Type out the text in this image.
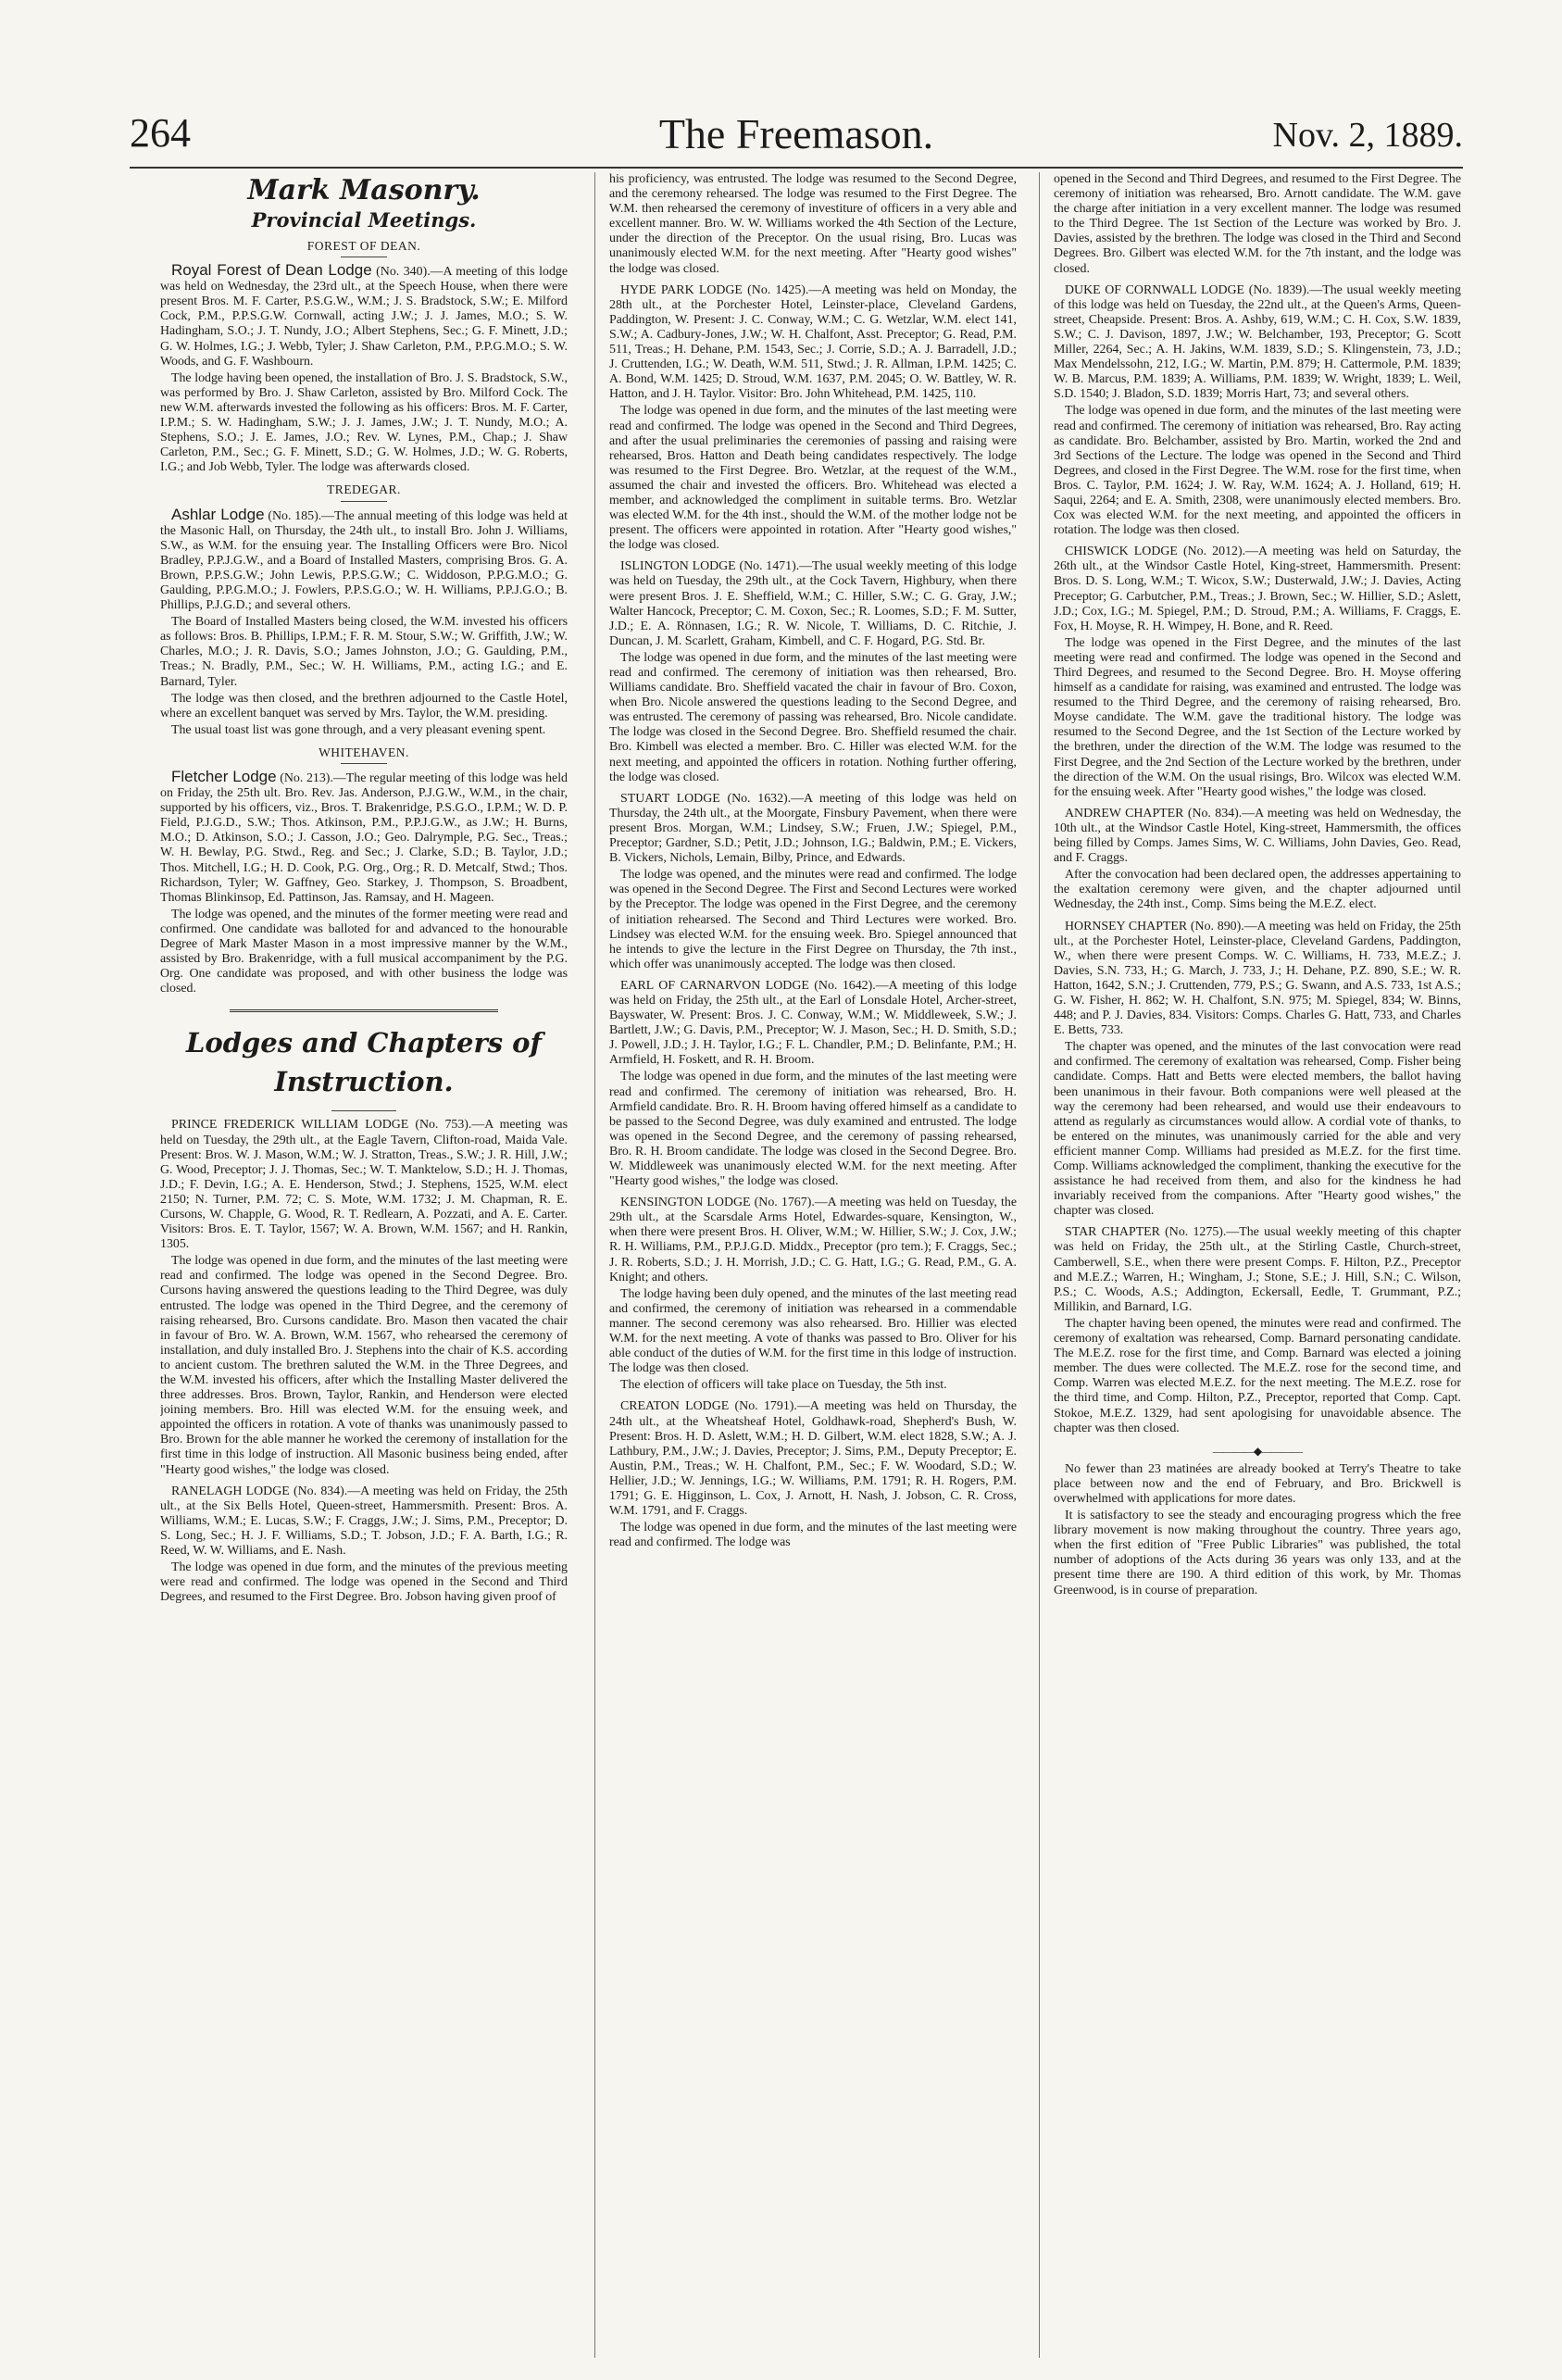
264	The Freemason.	Nov. 2, 1889.
Mark Masonry.
Provincial Meetings.
FOREST OF DEAN.

Royal Forest of Dean Lodge (No. 340).—A meeting of this lodge was held on Wednesday, the 23rd ult., at the Speech House, when there were present Bros. M. F. Carter, P.S.G.W., W.M.; J. S. Bradstock, S.W.; E. Milford Cock, P.M., P.P.S.G.W. Cornwall, acting J.W.; J. J. James, M.O.; S. W. Hadingham, S.O.; J. T. Nundy, J.O.; Albert Stephens, Sec.; G. F. Minett, J.D.; G. W. Holmes, I.G.; J. Webb, Tyler; J. Shaw Carleton, P.M., P.P.G.M.O.; S. W. Woods, and G. F. Washbourn.

The lodge having been opened, the installation of Bro. J. S. Bradstock, S.W., was performed by Bro. J. Shaw Carleton, assisted by Bro. Milford Cock. The new W.M. afterwards invested the following as his officers: Bros. M. F. Carter, I.P.M.; S. W. Hadingham, S.W.; J. J. James, J.W.; J. T. Nundy, M.O.; A. Stephens, S.O.; J. E. James, J.O.; Rev. W. Lynes, P.M., Chap.; J. Shaw Carleton, P.M., Sec.; G. F. Minett, S.D.; G. W. Holmes, J.D.; W. G. Roberts, I.G.; and Job Webb, Tyler. The lodge was afterwards closed.

TREDEGAR.

Ashlar Lodge (No. 185).—The annual meeting of this lodge was held at the Masonic Hall, on Thursday, the 24th ult., to install Bro. John J. Williams, S.W., as W.M. for the ensuing year. The Installing Officers were Bro. Nicol Bradley, P.P.J.G.W., and a Board of Installed Masters, comprising Bros. G. A. Brown, P.P.S.G.W.; John Lewis, P.P.S.G.W.; C. Widdoson, P.P.G.M.O.; G. Gaulding, P.P.G.M.O.; J. Fowlers, P.P.S.G.O.; W. H. Williams, P.P.J.G.O.; B. Phillips, P.J.G.D.; and several others.

The Board of Installed Masters being closed, the W.M. invested his officers as follows: Bros. B. Phillips, I.P.M.; F. R. M. Stour, S.W.; W. Griffith, J.W.; W. Charles, M.O.; J. R. Davis, S.O.; James Johnston, J.O.; G. Gaulding, P.M., Treas.; N. Bradly, P.M., Sec.; W. H. Williams, P.M., acting I.G.; and E. Barnard, Tyler.

The lodge was then closed, and the brethren adjourned to the Castle Hotel, where an excellent banquet was served by Mrs. Taylor, the W.M. presiding.

The usual toast list was gone through, and a very pleasant evening spent.

WHITEHAVEN.

Fletcher Lodge (No. 213).—The regular meeting of this lodge was held on Friday, the 25th ult. Bro. Rev. Jas. Anderson, P.J.G.W., W.M., in the chair, supported by his officers, viz., Bros. T. Brakenridge, P.S.G.O., I.P.M.; W. D. P. Field, P.J.G.D., S.W.; Thos. Atkinson, P.M., P.P.J.G.W., as J.W.; H. Burns, M.O.; D. Atkinson, S.O.; J. Casson, J.O.; Geo. Dalrymple, P.G. Sec., Treas.; W. H. Bewlay, P.G. Stwd., Reg. and Sec.; J. Clarke, S.D.; B. Taylor, J.D.; Thos. Mitchell, I.G.; H. D. Cook, P.G. Org., Org.; R. D. Metcalf, Stwd.; Thos. Richardson, Tyler; W. Gaffney, Geo. Starkey, J. Thompson, S. Broadbent, Thomas Blinkinsop, Ed. Pattinson, Jas. Ramsay, and H. Mageen.

The lodge was opened, and the minutes of the former meeting were read and confirmed. One candidate was balloted for and advanced to the honourable Degree of Mark Master Mason in a most impressive manner by the W.M., assisted by Bro. Brakenridge, with a full musical accompaniment by the P.G. Org. One candidate was proposed, and with other business the lodge was closed.

Lodges and Chapters of Instruction.

PRINCE FREDERICK WILLIAM LODGE (No. 753).—A meeting was held on Tuesday, the 29th ult., at the Eagle Tavern, Clifton-road, Maida Vale. Present: Bros. W. J. Mason, W.M.; W. J. Stratton, Treas., S.W.; J. R. Hill, J.W.; G. Wood, Preceptor; J. J. Thomas, Sec.; W. T. Manktelow, S.D.; H. J. Thomas, J.D.; F. Devin, I.G.; A. E. Henderson, Stwd.; J. Stephens, 1525, W.M. elect 2150; N. Turner, P.M. 72; C. S. Mote, W.M. 1732; J. M. Chapman, R. E. Cursons, W. Chapple, G. Wood, R. T. Redlearn, A. Pozzati, and A. E. Carter. Visitors: Bros. E. T. Taylor, 1567; W. A. Brown, W.M. 1567; and H. Rankin, 1305.

The lodge was opened in due form, and the minutes of the last meeting were read and confirmed. The lodge was opened in the Second Degree. Bro. Cursons having answered the questions leading to the Third Degree, was duly entrusted. The lodge was opened in the Third Degree, and the ceremony of raising rehearsed, Bro. Cursons candidate. Bro. Mason then vacated the chair in favour of Bro. W. A. Brown, W.M. 1567, who rehearsed the ceremony of installation, and duly installed Bro. J. Stephens into the chair of K.S. according to ancient custom. The brethren saluted the W.M. in the Three Degrees, and the W.M. invested his officers, after which the Installing Master delivered the three addresses. Bros. Brown, Taylor, Rankin, and Henderson were elected joining members. Bro. Hill was elected W.M. for the ensuing week, and appointed the officers in rotation. A vote of thanks was unanimously passed to Bro. Brown for the able manner he worked the ceremony of installation for the first time in this lodge of instruction. All Masonic business being ended, after "Hearty good wishes," the lodge was closed.

RANELAGH LODGE (No. 834).—A meeting was held on Friday, the 25th ult., at the Six Bells Hotel, Queen-street, Hammersmith. Present: Bros. A. Williams, W.M.; E. Lucas, S.W.; F. Craggs, J.W.; J. Sims, P.M., Preceptor; D. S. Long, Sec.; H. J. F. Williams, S.D.; T. Jobson, J.D.; F. A. Barth, I.G.; R. Reed, W. W. Williams, and E. Nash.

The lodge was opened in due form, and the minutes of the previous meeting were read and confirmed. The lodge was opened in the Second and Third Degrees, and resumed to the First Degree. Bro. Jobson having given proof of

his proficiency, was entrusted. The lodge was resumed to the Second Degree, and the ceremony rehearsed. The lodge was resumed to the First Degree. The W.M. then rehearsed the ceremony of investiture of officers in a very able and excellent manner. Bro. W. W. Williams worked the 4th Section of the Lecture, under the direction of the Preceptor. On the usual rising, Bro. Lucas was unanimously elected W.M. for the next meeting. After "Hearty good wishes" the lodge was closed.

HYDE PARK LODGE (No. 1425).—A meeting was held on Monday, the 28th ult., at the Porchester Hotel, Leinster-place, Cleveland Gardens, Paddington, W. Present: J. C. Conway, W.M.; C. G. Wetzlar, W.M. elect 141, S.W.; A. Cadbury-Jones, J.W.; W. H. Chalfont, Asst. Preceptor; G. Read, P.M. 511, Treas.; H. Dehane, P.M. 1543, Sec.; J. Corrie, S.D.; A. J. Barradell, J.D.; J. Cruttenden, I.G.; W. Death, W.M. 511, Stwd.; J. R. Allman, I.P.M. 1425; C. A. Bond, W.M. 1425; D. Stroud, W.M. 1637, P.M. 2045; O. W. Battley, W. R. Hatton, and J. H. Taylor. Visitor: Bro. John Whitehead, P.M. 1425, 110.

The lodge was opened in due form, and the minutes of the last meeting were read and confirmed. The lodge was opened in the Second and Third Degrees, and after the usual preliminaries the ceremonies of passing and raising were rehearsed, Bros. Hatton and Death being candidates respectively. The lodge was resumed to the First Degree. Bro. Wetzlar, at the request of the W.M., assumed the chair and invested the officers. Bro. Whitehead was elected a member, and acknowledged the compliment in suitable terms. Bro. Wetzlar was elected W.M. for the 4th inst., should the W.M. of the mother lodge not be present. The officers were appointed in rotation. After "Hearty good wishes," the lodge was closed.

ISLINGTON LODGE (No. 1471).—The usual weekly meeting of this lodge was held on Tuesday, the 29th ult., at the Cock Tavern, Highbury, when there were present Bros. J. E. Sheffield, W.M.; C. Hiller, S.W.; C. G. Gray, J.W.; Walter Hancock, Preceptor; C. M. Coxon, Sec.; R. Loomes, S.D.; F. M. Sutter, J.D.; E. A. Rönnasen, I.G.; R. W. Nicole, T. Williams, D. C. Ritchie, J. Duncan, J. M. Scarlett, Graham, Kimbell, and C. F. Hogard, P.G. Std. Br.

The lodge was opened in due form, and the minutes of the last meeting were read and confirmed. The ceremony of initiation was then rehearsed, Bro. Williams candidate. Bro. Sheffield vacated the chair in favour of Bro. Coxon, when Bro. Nicole answered the questions leading to the Second Degree, and was entrusted. The ceremony of passing was rehearsed, Bro. Nicole candidate. The lodge was closed in the Second Degree. Bro. Sheffield resumed the chair. Bro. Kimbell was elected a member. Bro. C. Hiller was elected W.M. for the next meeting, and appointed the officers in rotation. Nothing further offering, the lodge was closed.

STUART LODGE (No. 1632).—A meeting of this lodge was held on Thursday, the 24th ult., at the Moorgate, Finsbury Pavement, when there were present Bros. Morgan, W.M.; Lindsey, S.W.; Fruen, J.W.; Spiegel, P.M., Preceptor; Gardner, S.D.; Petit, J.D.; Johnson, I.G.; Baldwin, P.M.; E. Vickers, B. Vickers, Nichols, Lemain, Bilby, Prince, and Edwards.

The lodge was opened, and the minutes were read and confirmed. The lodge was opened in the Second Degree. The First and Second Lectures were worked by the Preceptor. The lodge was opened in the First Degree, and the ceremony of initiation rehearsed. The Second and Third Lectures were worked. Bro. Lindsey was elected W.M. for the ensuing week. Bro. Spiegel announced that he intends to give the lecture in the First Degree on Thursday, the 7th inst., which offer was unanimously accepted. The lodge was then closed.

EARL OF CARNARVON LODGE (No. 1642).—A meeting of this lodge was held on Friday, the 25th ult., at the Earl of Lonsdale Hotel, Archer-street, Bayswater, W. Present: Bros. J. C. Conway, W.M.; W. Middleweek, S.W.; J. Bartlett, J.W.; G. Davis, P.M., Preceptor; W. J. Mason, Sec.; H. D. Smith, S.D.; J. Powell, J.D.; J. H. Taylor, I.G.; F. L. Chandler, P.M.; D. Belinfante, P.M.; H. Armfield, H. Foskett, and R. H. Broom.

The lodge was opened in due form, and the minutes of the last meeting were read and confirmed. The ceremony of initiation was rehearsed, Bro. H. Armfield candidate. Bro. R. H. Broom having offered himself as a candidate to be passed to the Second Degree, was duly examined and entrusted. The lodge was opened in the Second Degree, and the ceremony of passing rehearsed, Bro. R. H. Broom candidate. The lodge was closed in the Second Degree. Bro. W. Middleweek was unanimously elected W.M. for the next meeting. After "Hearty good wishes," the lodge was closed.

KENSINGTON LODGE (No. 1767).—A meeting was held on Tuesday, the 29th ult., at the Scarsdale Arms Hotel, Edwardes-square, Kensington, W., when there were present Bros. H. Oliver, W.M.; W. Hillier, S.W.; J. Cox, J.W.; R. H. Williams, P.M., P.P.J.G.D. Middx., Preceptor (pro tem.); F. Craggs, Sec.; J. R. Roberts, S.D.; J. H. Morrish, J.D.; C. G. Hatt, I.G.; G. Read, P.M., G. A. Knight; and others.

The lodge having been duly opened, and the minutes of the last meeting read and confirmed, the ceremony of initiation was rehearsed in a commendable manner. The second ceremony was also rehearsed. Bro. Hillier was elected W.M. for the next meeting. A vote of thanks was passed to Bro. Oliver for his able conduct of the duties of W.M. for the first time in this lodge of instruction. The lodge was then closed.

The election of officers will take place on Tuesday, the 5th inst.

CREATON LODGE (No. 1791).—A meeting was held on Thursday, the 24th ult., at the Wheatsheaf Hotel, Goldhawk-road, Shepherd's Bush, W. Present: Bros. H. D. Aslett, W.M.; H. D. Gilbert, W.M. elect 1828, S.W.; A. J. Lathbury, P.M., J.W.; J. Davies, Preceptor; J. Sims, P.M., Deputy Preceptor; E. Austin, P.M., Treas.; W. H. Chalfont, P.M., Sec.; F. W. Woodard, S.D.; W. Hellier, J.D.; W. Jennings, I.G.; W. Williams, P.M. 1791; R. H. Rogers, P.M. 1791; G. E. Higginson, L. Cox, J. Arnott, H. Nash, J. Jobson, C. R. Cross, W.M. 1791, and F. Craggs.

The lodge was opened in due form, and the minutes of the last meeting were read and confirmed. The lodge was

opened in the Second and Third Degrees, and resumed to the First Degree. The ceremony of initiation was rehearsed, Bro. Arnott candidate. The W.M. gave the charge after initiation in a very excellent manner. The lodge was resumed to the Third Degree. The 1st Section of the Lecture was worked by Bro. J. Davies, assisted by the brethren. The lodge was closed in the Third and Second Degrees. Bro. Gilbert was elected W.M. for the 7th instant, and the lodge was closed.

DUKE OF CORNWALL LODGE (No. 1839).—The usual weekly meeting of this lodge was held on Tuesday, the 22nd ult., at the Queen's Arms, Queen-street, Cheapside. Present: Bros. A. Ashby, 619, W.M.; C. H. Cox, S.W. 1839, S.W.; C. J. Davison, 1897, J.W.; W. Belchamber, 193, Preceptor; G. Scott Miller, 2264, Sec.; A. H. Jakins, W.M. 1839, S.D.; S. Klingenstein, 73, J.D.; Max Mendelssohn, 212, I.G.; W. Martin, P.M. 879; H. Cattermole, P.M. 1839; W. B. Marcus, P.M. 1839; A. Williams, P.M. 1839; W. Wright, 1839; L. Weil, S.D. 1540; J. Bladon, S.D. 1839; Morris Hart, 73; and several others.

The lodge was opened in due form, and the minutes of the last meeting were read and confirmed. The ceremony of initiation was rehearsed, Bro. Ray acting as candidate. Bro. Belchamber, assisted by Bro. Martin, worked the 2nd and 3rd Sections of the Lecture. The lodge was opened in the Second and Third Degrees, and closed in the First Degree. The W.M. rose for the first time, when Bros. C. Taylor, P.M. 1624; J. W. Ray, W.M. 1624; A. J. Holland, 619; H. Saqui, 2264; and E. A. Smith, 2308, were unanimously elected members. Bro. Cox was elected W.M. for the next meeting, and appointed the officers in rotation. The lodge was then closed.

CHISWICK LODGE (No. 2012).—A meeting was held on Saturday, the 26th ult., at the Windsor Castle Hotel, King-street, Hammersmith. Present: Bros. D. S. Long, W.M.; T. Wicox, S.W.; Dusterwald, J.W.; J. Davies, Acting Preceptor; G. Carbutcher, P.M., Treas.; J. Brown, Sec.; W. Hillier, S.D.; Aslett, J.D.; Cox, I.G.; M. Spiegel, P.M.; D. Stroud, P.M.; A. Williams, F. Craggs, E. Fox, H. Moyse, R. H. Wimpey, H. Bone, and R. Reed.

The lodge was opened in the First Degree, and the minutes of the last meeting were read and confirmed. The lodge was opened in the Second and Third Degrees, and resumed to the Second Degree. Bro. H. Moyse offering himself as a candidate for raising, was examined and entrusted. The lodge was resumed to the Third Degree, and the ceremony of raising rehearsed, Bro. Moyse candidate. The W.M. gave the traditional history. The lodge was resumed to the Second Degree, and the 1st Section of the Lecture worked by the brethren, under the direction of the W.M. The lodge was resumed to the First Degree, and the 2nd Section of the Lecture worked by the brethren, under the direction of the W.M. On the usual risings, Bro. Wilcox was elected W.M. for the ensuing week. After "Hearty good wishes," the lodge was closed.

ANDREW CHAPTER (No. 834).—A meeting was held on Wednesday, the 10th ult., at the Windsor Castle Hotel, King-street, Hammersmith, the offices being filled by Comps. James Sims, W. C. Williams, John Davies, Geo. Read, and F. Craggs.

After the convocation had been declared open, the addresses appertaining to the exaltation ceremony were given, and the chapter adjourned until Wednesday, the 24th inst., Comp. Sims being the M.E.Z. elect.

HORNSEY CHAPTER (No. 890).—A meeting was held on Friday, the 25th ult., at the Porchester Hotel, Leinster-place, Cleveland Gardens, Paddington, W., when there were present Comps. W. C. Williams, H. 733, M.E.Z.; J. Davies, S.N. 733, H.; G. March, J. 733, J.; H. Dehane, P.Z. 890, S.E.; W. R. Hatton, 1642, S.N.; J. Cruttenden, 779, P.S.; G. Swann, and A.S. 733, 1st A.S.; G. W. Fisher, H. 862; W. H. Chalfont, S.N. 975; M. Spiegel, 834; W. Binns, 448; and P. J. Davies, 834. Visitors: Comps. Charles G. Hatt, 733, and Charles E. Betts, 733.

The chapter was opened, and the minutes of the last convocation were read and confirmed. The ceremony of exaltation was rehearsed, Comp. Fisher being candidate. Comps. Hatt and Betts were elected members, the ballot having been unanimous in their favour. Both companions were well pleased at the way the ceremony had been rehearsed, and would use their endeavours to attend as regularly as circumstances would allow. A cordial vote of thanks, to be entered on the minutes, was unanimously carried for the able and very efficient manner Comp. Williams had presided as M.E.Z. for the first time. Comp. Williams acknowledged the compliment, thanking the executive for the assistance he had received from them, and also for the kindness he had invariably received from the companions. After "Hearty good wishes," the chapter was closed.

STAR CHAPTER (No. 1275).—The usual weekly meeting of this chapter was held on Friday, the 25th ult., at the Stirling Castle, Church-street, Camberwell, S.E., when there were present Comps. F. Hilton, P.Z., Preceptor and M.E.Z.; Warren, H.; Wingham, J.; Stone, S.E.; J. Hill, S.N.; C. Wilson, P.S.; C. Woods, A.S.; Addington, Eckersall, Eedle, T. Grummant, P.Z.; Millikin, and Barnard, I.G.

The chapter having been opened, the minutes were read and confirmed. The ceremony of exaltation was rehearsed, Comp. Barnard personating candidate. The M.E.Z. rose for the first time, and Comp. Barnard was elected a joining member. The dues were collected. The M.E.Z. rose for the second time, and Comp. Warren was elected M.E.Z. for the next meeting. The M.E.Z. rose for the third time, and Comp. Hilton, P.Z., Preceptor, reported that Comp. Capt. Stokoe, M.E.Z. 1329, had sent apologising for unavoidable absence. The chapter was then closed.

————◆————

No fewer than 23 matinées are already booked at Terry's Theatre to take place between now and the end of February, and Bro. Brickwell is overwhelmed with applications for more dates.

It is satisfactory to see the steady and encouraging progress which the free library movement is now making throughout the country. Three years ago, when the first edition of "Free Public Libraries" was published, the total number of adoptions of the Acts during 36 years was only 133, and at the present time there are 190. A third edition of this work, by Mr. Thomas Greenwood, is in course of preparation.
